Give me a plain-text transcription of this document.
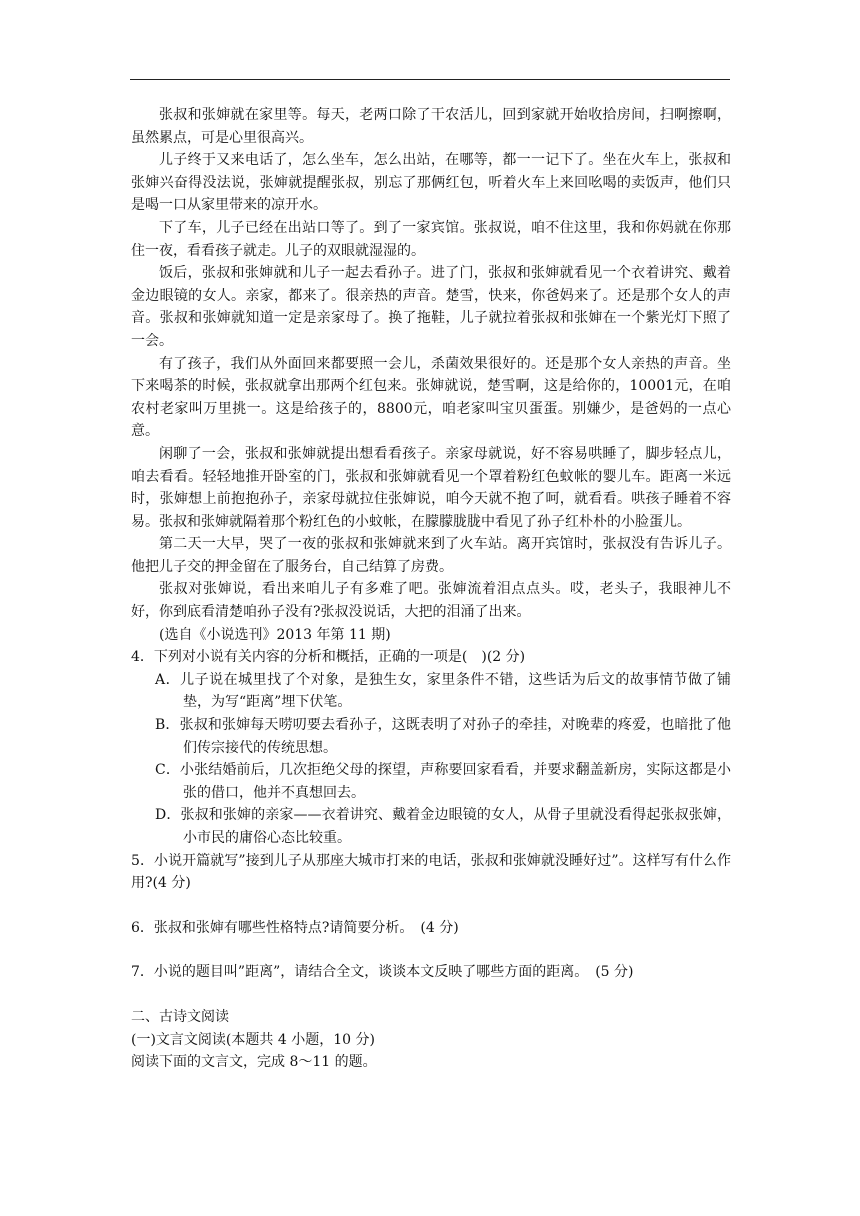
张叔和张婶就在家里等。每天，老两口除了干农活儿，回到家就开始收拾房间，扫啊擦啊，虽然累点，可是心里很高兴。

儿子终于又来电话了，怎么坐车，怎么出站，在哪等，都一一记下了。坐在火车上，张叔和张婶兴奋得没法说，张婶就提醒张叔，别忘了那俩红包，听着火车上来回吆喝的卖饭声，他们只是喝一口从家里带来的凉开水。

下了车，儿子已经在出站口等了。到了一家宾馆。张叔说，咱不住这里，我和你妈就在你那住一夜，看看孩子就走。儿子的双眼就湿湿的。

饭后，张叔和张婶就和儿子一起去看孙子。进了门，张叔和张婶就看见一个衣着讲究、戴着金边眼镜的女人。亲家，都来了。很亲热的声音。楚雪，快来，你爸妈来了。还是那个女人的声音。张叔和张婶就知道一定是亲家母了。换了拖鞋，儿子就拉着张叔和张婶在一个紫光灯下照了一会。

有了孩子，我们从外面回来都要照一会儿，杀菌效果很好的。还是那个女人亲热的声音。坐下来喝茶的时候，张叔就拿出那两个红包来。张婶就说，楚雪啊，这是给你的，10001元，在咱农村老家叫万里挑一。这是给孩子的，8800元，咱老家叫宝贝蛋蛋。别嫌少，是爸妈的一点心意。

闲聊了一会，张叔和张婶就提出想看看孩子。亲家母就说，好不容易哄睡了，脚步轻点儿，咱去看看。轻轻地推开卧室的门，张叔和张婶就看见一个罩着粉红色蚊帐的婴儿车。距离一米远时，张婶想上前抱抱孙子，亲家母就拉住张婶说，咱今天就不抱了呵，就看看。哄孩子睡着不容易。张叔和张婶就隔着那个粉红色的小蚊帐，在朦朦胧胧中看见了孙子红朴朴的小脸蛋儿。

第二天一大早，哭了一夜的张叔和张婶就来到了火车站。离开宾馆时，张叔没有告诉儿子。他把儿子交的押金留在了服务台，自己结算了房费。

张叔对张婶说，看出来咱儿子有多难了吧。张婶流着泪点点头。哎，老头子，我眼神儿不好，你到底看清楚咱孙子没有?张叔没说话，大把的泪涌了出来。

(选自《小说选刊》2013 年第 11 期)

4．下列对小说有关内容的分析和概括，正确的一项是(　)(2 分)

A．儿子说在城里找了个对象，是独生女，家里条件不错，这些话为后文的故事情节做了铺垫，为写“距离”埋下伏笔。

B．张叔和张婶每天唠叨要去看孙子，这既表明了对孙子的牵挂，对晚辈的疼爱，也暗批了他们传宗接代的传统思想。

C．小张结婚前后，几次拒绝父母的探望，声称要回家看看，并要求翻盖新房，实际这都是小张的借口，他并不真想回去。

D．张叔和张婶的亲家——衣着讲究、戴着金边眼镜的女人，从骨子里就没看得起张叔张婶，小市民的庸俗心态比较重。

5．小说开篇就写”接到儿子从那座大城市打来的电话，张叔和张婶就没睡好过”。这样写有什么作用?(4 分)

6．张叔和张婶有哪些性格特点?请简要分析。　(4 分)

7．小说的题目叫”距离”，请结合全文，谈谈本文反映了哪些方面的距离。　(5 分)

二、古诗文阅读

(一)文言文阅读(本题共 4 小题，10 分)

阅读下面的文言文，完成 8～11 的题。
